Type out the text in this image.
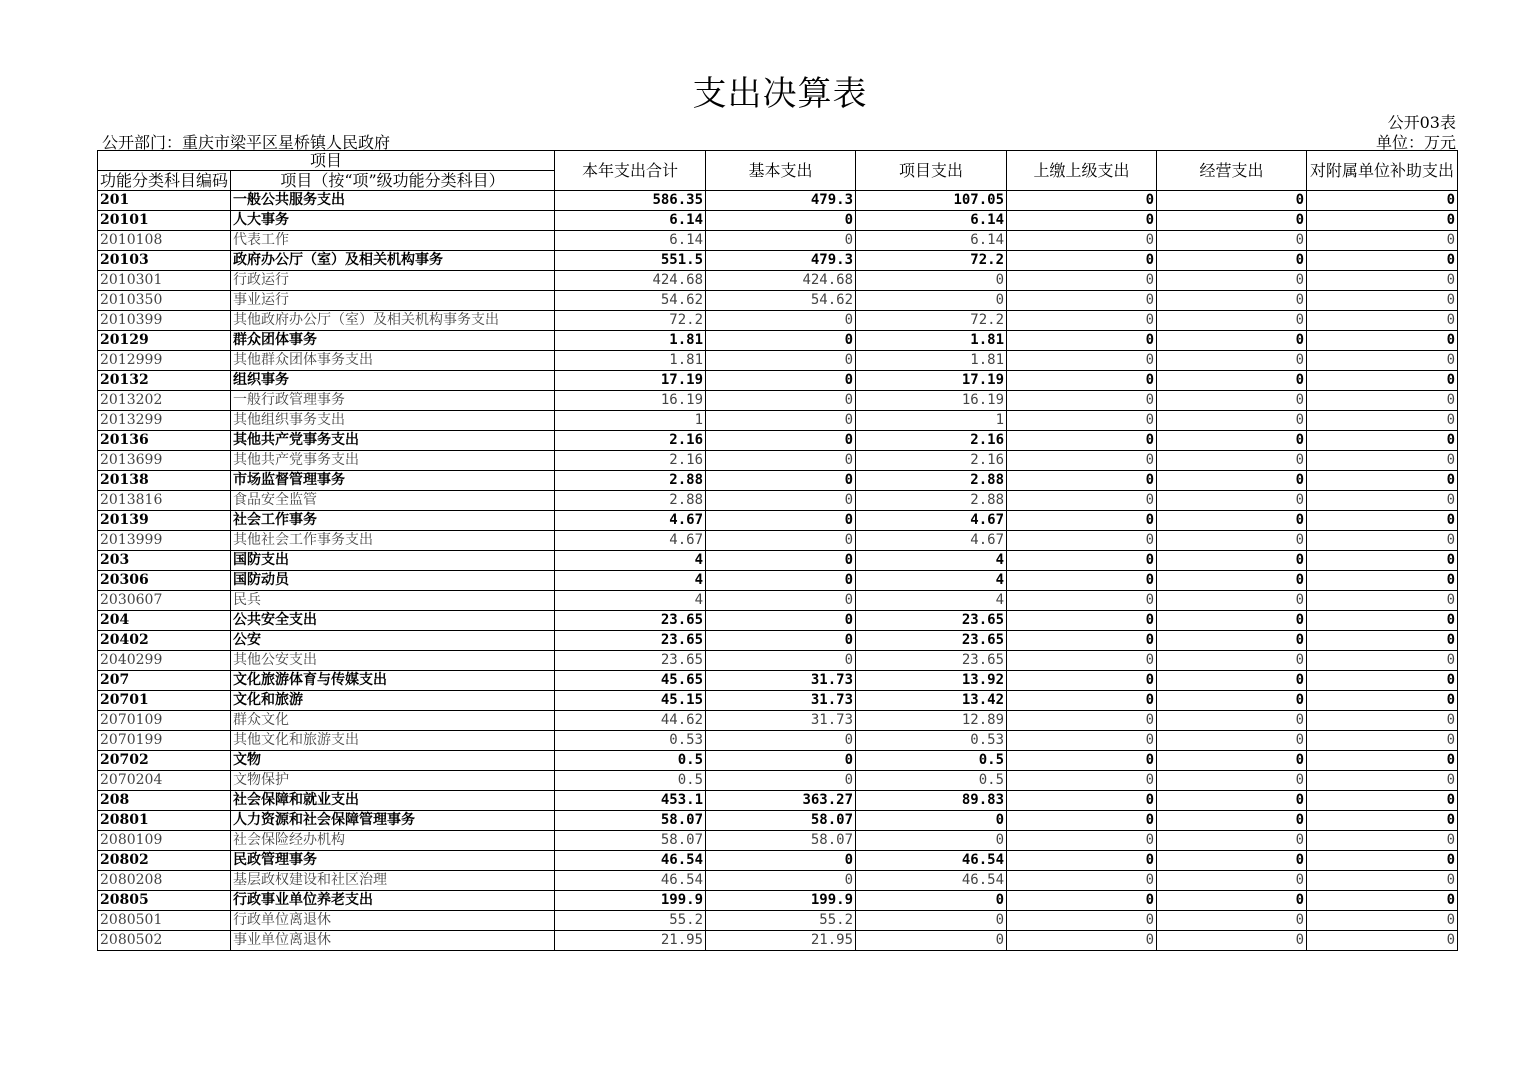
支出决算表
公开03表
公开部门：重庆市梁平区星桥镇人民政府	单位：万元
项目		本年支出合计	基本支出	项目支出	上缴上级支出	经营支出	对附属单位补助支出
功能分类科目编码	项目（按“项”级功能分类科目）						
201	一般公共服务支出	586.35	479.3	107.05	0	0	0
20101	人大事务	6.14	0	6.14	0	0	0
2010108	代表工作	6.14	0	6.14	0	0	0
20103	政府办公厅（室）及相关机构事务	551.5	479.3	72.2	0	0	0
2010301	行政运行	424.68	424.68	0	0	0	0
2010350	事业运行	54.62	54.62	0	0	0	0
2010399	其他政府办公厅（室）及相关机构事务支出	72.2	0	72.2	0	0	0
20129	群众团体事务	1.81	0	1.81	0	0	0
2012999	其他群众团体事务支出	1.81	0	1.81	0	0	0
20132	组织事务	17.19	0	17.19	0	0	0
2013202	一般行政管理事务	16.19	0	16.19	0	0	0
2013299	其他组织事务支出	1	0	1	0	0	0
20136	其他共产党事务支出	2.16	0	2.16	0	0	0
2013699	其他共产党事务支出	2.16	0	2.16	0	0	0
20138	市场监督管理事务	2.88	0	2.88	0	0	0
2013816	食品安全监管	2.88	0	2.88	0	0	0
20139	社会工作事务	4.67	0	4.67	0	0	0
2013999	其他社会工作事务支出	4.67	0	4.67	0	0	0
203	国防支出	4	0	4	0	0	0
20306	国防动员	4	0	4	0	0	0
2030607	民兵	4	0	4	0	0	0
204	公共安全支出	23.65	0	23.65	0	0	0
20402	公安	23.65	0	23.65	0	0	0
2040299	其他公安支出	23.65	0	23.65	0	0	0
207	文化旅游体育与传媒支出	45.65	31.73	13.92	0	0	0
20701	文化和旅游	45.15	31.73	13.42	0	0	0
2070109	群众文化	44.62	31.73	12.89	0	0	0
2070199	其他文化和旅游支出	0.53	0	0.53	0	0	0
20702	文物	0.5	0	0.5	0	0	0
2070204	文物保护	0.5	0	0.5	0	0	0
208	社会保障和就业支出	453.1	363.27	89.83	0	0	0
20801	人力资源和社会保障管理事务	58.07	58.07	0	0	0	0
2080109	社会保险经办机构	58.07	58.07	0	0	0	0
20802	民政管理事务	46.54	0	46.54	0	0	0
2080208	基层政权建设和社区治理	46.54	0	46.54	0	0	0
20805	行政事业单位养老支出	199.9	199.9	0	0	0	0
2080501	行政单位离退休	55.2	55.2	0	0	0	0
2080502	事业单位离退休	21.95	21.95	0	0	0	0
